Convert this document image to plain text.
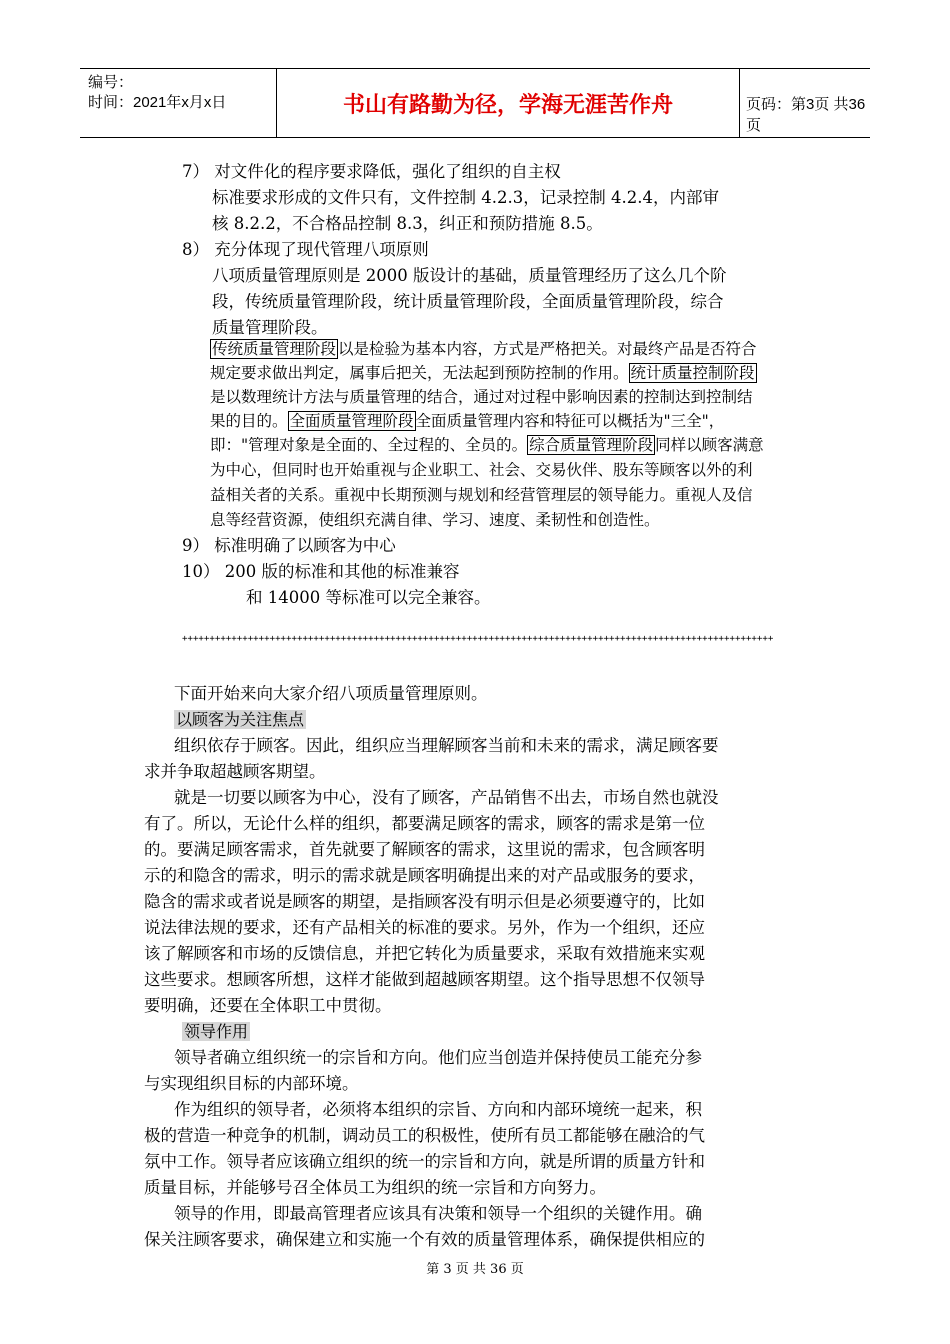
编号：
时间：2021年x月x日	书山有路勤为径，学海无涯苦作舟	页码：第3页 共36页
7） 对文件化的程序要求降低，强化了组织的自主权
标准要求形成的文件只有，文件控制 4.2.3，记录控制 4.2.4，内部审
核 8.2.2，不合格品控制 8.3，纠正和预防措施 8.5。
8） 充分体现了现代管理八项原则
八项质量管理原则是 2000 版设计的基础，质量管理经历了这么几个阶
段，传统质量管理阶段，统计质量管理阶段，全面质量管理阶段，综合
质量管理阶段。
传统质量管理阶段 以是检验为基本内容，方式是严格把关。对最终产品是否符合
规定要求做出判定，属事后把关，无法起到预防控制的作用。 统计质量控制阶段
是以数理统计方法与质量管理的结合，通过对过程中影响因素的控制达到控制结
果的目的。 全面质量管理阶段 全面质量管理内容和特征可以概括为"三全"，
即："管理对象是全面的、全过程的、全员的。 综合质量管理阶段 同样以顾客满意
为中心，但同时也开始重视与企业职工、社会、交易伙伴、股东等顾客以外的利
益相关者的关系。重视中长期预测与规划和经营管理层的领导能力。重视人及信
息等经营资源，使组织充满自律、学习、速度、柔韧性和创造性。
9） 标准明确了以顾客为中心
10） 200 版的标准和其他的标准兼容
和 14000 等标准可以完全兼容。
++++++++++++++++++++++++++++++++++++++++++++++++++++++++++++++++++++++++++++++++++++++++++++++++++++++++++++
下面开始来向大家介绍八项质量管理原则。
以顾客为关注焦点
组织依存于顾客。因此，组织应当理解顾客当前和未来的需求，满足顾客要
求并争取超越顾客期望。
就是一切要以顾客为中心，没有了顾客，产品销售不出去，市场自然也就没
有了。所以，无论什么样的组织，都要满足顾客的需求，顾客的需求是第一位
的。要满足顾客需求，首先就要了解顾客的需求，这里说的需求，包含顾客明
示的和隐含的需求，明示的需求就是顾客明确提出来的对产品或服务的要求，
隐含的需求或者说是顾客的期望，是指顾客没有明示但是必须要遵守的，比如
说法律法规的要求，还有产品相关的标准的要求。另外，作为一个组织，还应
该了解顾客和市场的反馈信息，并把它转化为质量要求，采取有效措施来实观
这些要求。想顾客所想，这样才能做到超越顾客期望。这个指导思想不仅领导
要明确，还要在全体职工中贯彻。
领导作用
领导者确立组织统一的宗旨和方向。他们应当创造并保持使员工能充分参
与实现组织目标的内部环境。
作为组织的领导者，必须将本组织的宗旨、方向和内部环境统一起来，积
极的营造一种竞争的机制，调动员工的积极性，使所有员工都能够在融洽的气
氛中工作。领导者应该确立组织的统一的宗旨和方向，就是所谓的质量方针和
质量目标，并能够号召全体员工为组织的统一宗旨和方向努力。
领导的作用，即最高管理者应该具有决策和领导一个组织的关键作用。确
保关注顾客要求，确保建立和实施一个有效的质量管理体系，确保提供相应的
第 3 页 共 36 页
